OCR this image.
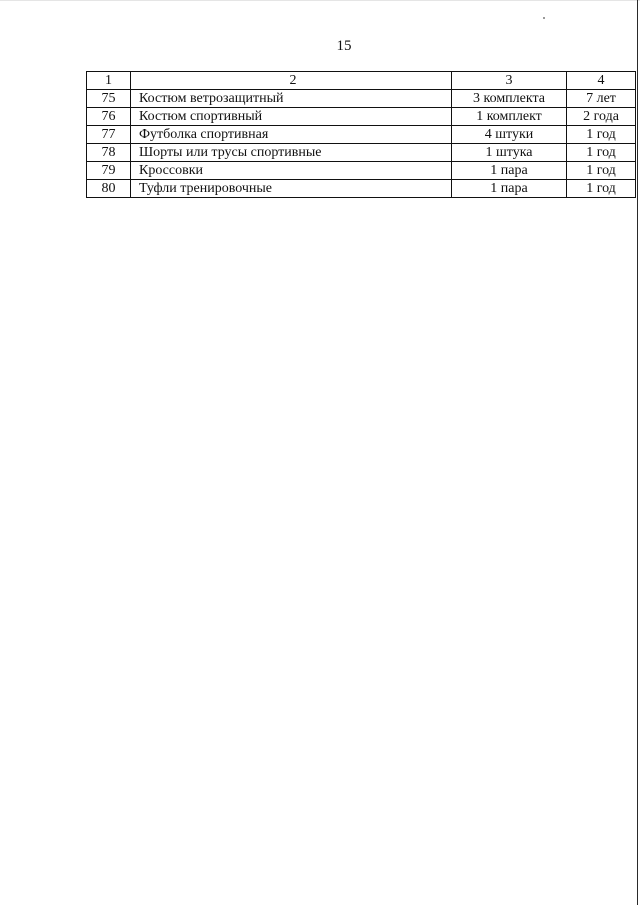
15
1	2	3	4
75	Костюм ветрозащитный	3 комплекта	7 лет
76	Костюм спортивный	1 комплект	2 года
77	Футболка спортивная	4 штуки	1 год
78	Шорты или трусы спортивные	1 штука	1 год
79	Кроссовки	1 пара	1 год
80	Туфли тренировочные	1 пара	1 год
